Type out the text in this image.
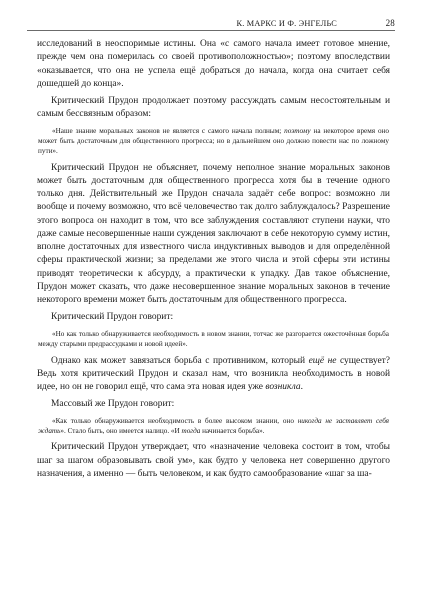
К. МАРКС И Ф. ЭНГЕЛЬС	28

исследований в неоспоримые истины. Она «с самого начала имеет готовое мнение, прежде чем она померилась со своей противоположностью»; поэтому впоследствии «оказывается, что она не успела ещё добраться до начала, когда она считает себя дошедшей до конца».

Критический Прудон продолжает поэтому рассуждать самым несостоятельным и самым бессвязным образом:

«Наше знание моральных законов не является с самого начала полным; поэтому на некоторое время оно может быть достаточным для общественного прогресса; но в дальнейшем оно должно повести нас по ложному пути».

Критический Прудон не объясняет, почему неполное знание моральных законов может быть достаточным для общественного прогресса хотя бы в течение одного только дня. Действительный же Прудон сначала задаёт себе вопрос: возможно ли вообще и почему возможно, что всё человечество так долго заблуждалось? Разрешение этого вопроса он находит в том, что все заблуждения составляют ступени науки, что даже самые несовершенные наши суждения заключают в себе некоторую сумму истин, вполне достаточных для известного числа индуктивных выводов и для определённой сферы практической жизни; за пределами же этого числа и этой сферы эти истины приводят теоретически к абсурду, а практически к упадку. Дав такое объяснение, Прудон может сказать, что даже несовершенное знание моральных законов в течение некоторого времени может быть достаточным для общественного прогресса.

Критический Прудон говорит:

«Но как только обнаруживается необходимость в новом знании, тотчас же разгорается ожесточённая борьба между старыми предрассудками и новой идеей».

Однако как может завязаться борьба с противником, который ещё не существует? Ведь хотя критический Прудон и сказал нам, что возникла необходимость в новой идее, но он не говорил ещё, что сама эта новая идея уже возникла.

Массовый же Прудон говорит:

«Как только обнаруживается необходимость в более высоком знании, оно никогда не заставляет себя ждать». Стало быть, оно имеется налицо. «И тогда начинается борьба».

Критический Прудон утверждает, что «назначение человека состоит в том, чтобы шаг за шагом образовывать свой ум», как будто у человека нет совершенно другого назначения, а именно — быть человеком, и как будто самообразование «шаг за ша-
